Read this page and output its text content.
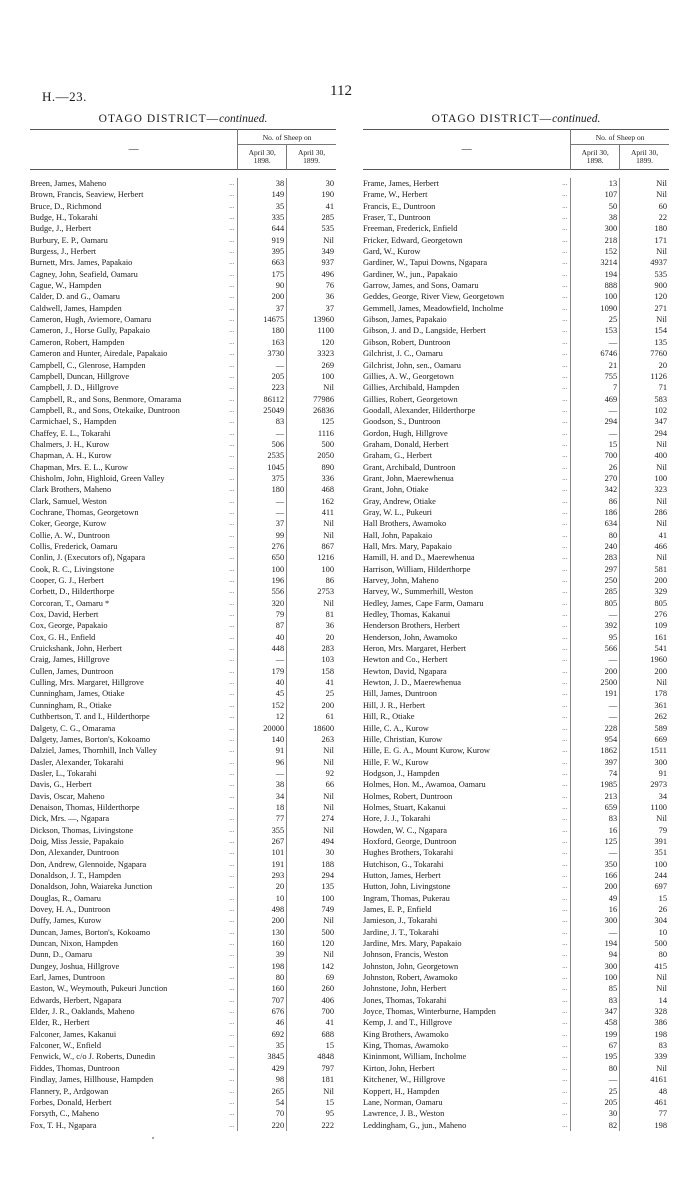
H.—23.	112
OTAGO DISTRICT—continued.
—	No. of Sheep on	
	April 30,
1898.	April 30,
1899.
Breen, James, Maheno	...	38	30
Brown, Francis, Seaview, Herbert	...	149	190
Bruce, D., Richmond	...	35	41
Budge, H., Tokarahi	...	335	285
Budge, J., Herbert	...	644	535
Burbury, E. P., Oamaru	...	919	Nil
Burgess, J., Herbert	...	395	349
Burnett, Mrs. James, Papakaio	...	663	937
Cagney, John, Seafield, Oamaru	...	175	496
Cague, W., Hampden	...	90	76
Calder, D. and G., Oamaru	...	200	36
Caldwell, James, Hampden	...	37	37
Cameron, Hugh, Aviemore, Oamaru	...	14675	13960
Cameron, J., Horse Gully, Papakaio	...	180	1100
Cameron, Robert, Hampden	...	163	120
Cameron and Hunter, Airedale, Papakaio	...	3730	3323
Campbell, C., Glenrose, Hampden	...	—	269
Campbell, Duncan, Hillgrove	...	205	100
Campbell, J. D., Hillgrove	...	223	Nil
Campbell, R., and Sons, Benmore, Omarama	...	86112	77986
Campbell, R., and Sons, Otekaike, Duntroon	...	25049	26836
Carmichael, S., Hampden	...	83	125
Chaffey, E. L., Tokarahi	...	—	1116
Chalmers, J. H., Kurow	...	506	500
Chapman, A. H., Kurow	...	2535	2050
Chapman, Mrs. E. L., Kurow	...	1045	890
Chisholm, John, Highloid, Green Valley	...	375	336
Clark Brothers, Maheno	...	180	468
Clark, Samuel, Weston	...	—	162
Cochrane, Thomas, Georgetown	...	—	411
Coker, George, Kurow	...	37	Nil
Collie, A. W., Duntroon	...	99	Nil
Collis, Frederick, Oamaru	...	276	867
Conlin, J. (Executors of), Ngapara	...	650	1216
Cook, R. C., Livingstone	...	100	100
Cooper, G. J., Herbert	...	196	86
Corbett, D., Hilderthorpe	...	556	2753
Corcoran, T., Oamaru *	...	320	Nil
Cox, David, Herbert	...	79	81
Cox, George, Papakaio	...	87	36
Cox, G. H., Enfield	...	40	20
Cruickshank, John, Herbert	...	448	283
Craig, James, Hillgrove	...	—	103
Cullen, James, Duntroon	...	179	158
Culling, Mrs. Margaret, Hillgrove	...	40	41
Cunningham, James, Otiake	...	45	25
Cunningham, R., Otiake	...	152	200
Cuthbertson, T. and I., Hilderthorpe	...	12	61
Dalgety, C. G., Omarama	...	20000	18600
Dalgety, James, Borton's, Kokoamo	...	140	263
Dalziel, James, Thornhill, Inch Valley	...	91	Nil
Dasler, Alexander, Tokarahi	...	96	Nil
Dasler, L., Tokarahi	...	—	92
Davis, G., Herbert	...	38	66
Davis, Oscar, Maheno	...	34	Nil
Denaison, Thomas, Hilderthorpe	...	18	Nil
Dick, Mrs. —, Ngapara	...	77	274
Dickson, Thomas, Livingstone	...	355	Nil
Doig, Miss Jessie, Papakaio	...	267	494
Don, Alexander, Duntroon	...	101	30
Don, Andrew, Glennoide, Ngapara	...	191	188
Donaldson, J. T., Hampden	...	293	294
Donaldson, John, Waiareka Junction	...	20	135
Douglas, R., Oamaru	...	10	100
Dovey, H. A., Duntroon	...	498	749
Duffy, James, Kurow	...	200	Nil
Duncan, James, Borton's, Kokoamo	...	130	500
Duncan, Nixon, Hampden	...	160	120
Dunn, D., Oamaru	...	39	Nil
Dungey, Joshua, Hillgrove	...	198	142
Earl, James, Duntroon	...	80	69
Easton, W., Weymouth, Pukeuri Junction	...	160	260
Edwards, Herbert, Ngapara	...	707	406
Elder, J. R., Oaklands, Maheno	...	676	700
Elder, R., Herbert	...	46	41
Falconer, James, Kakanui	...	692	688
Falconer, W., Enfield	...	35	15
Fenwick, W., c/o J. Roberts, Dunedin	...	3845	4848
Fiddes, Thomas, Duntroon	...	429	797
Findlay, James, Hillhouse, Hampden	...	98	181
Flannery, P., Ardgowan	...	265	Nil
Forbes, Donald, Herbert	...	54	15
Forsyth, C., Maheno	...	70	95
Fox, T. H., Ngapara	...	220	222
OTAGO DISTRICT—continued.
—	No. of Sheep on	
	April 30,
1898.	April 30,
1899.
Frame, James, Herbert	...	13	Nil
Frame, W., Herbert	...	107	Nil
Francis, E., Duntroon	...	50	60
Fraser, T., Duntroon	...	38	22
Freeman, Frederick, Enfield	...	300	180
Fricker, Edward, Georgetown	...	218	171
Gard, W., Kurow	...	152	Nil
Gardiner, W., Tapui Downs, Ngapara	...	3214	4937
Gardiner, W., jun., Papakaio	...	194	535
Garrow, James, and Sons, Oamaru	...	888	900
Geddes, George, River View, Georgetown	...	100	120
Gemmell, James, Meadowfield, Incholme	...	1090	271
Gibson, James, Papakaio	...	25	Nil
Gibson, J. and D., Langside, Herbert	...	153	154
Gibson, Robert, Duntroon	...	—	135
Gilchrist, J. C., Oamaru	...	6746	7760
Gilchrist, John, sen., Oamaru	...	21	20
Gillies, A. W., Georgetown	...	755	1126
Gillies, Archibald, Hampden	...	7	71
Gillies, Robert, Georgetown	...	469	583
Goodall, Alexander, Hilderthorpe	...	—	102
Goodson, S., Duntroon	...	294	347
Gordon, Hugh, Hillgrove	...	—	294
Graham, Donald, Herbert	...	15	Nil
Graham, G., Herbert	...	700	400
Grant, Archibald, Duntroon	...	26	Nil
Grant, John, Maerewhenua	...	270	100
Grant, John, Otiake	...	342	323
Gray, Andrew, Otiake	...	86	Nil
Gray, W. L., Pukeuri	...	186	286
Hall Brothers, Awamoko	...	634	Nil
Hall, John, Papakaio	...	80	41
Hall, Mrs. Mary, Papakaio	...	240	466
Hamill, H. and D., Maerewhenua	...	283	Nil
Harrison, William, Hilderthorpe	...	297	581
Harvey, John, Maheno	...	250	200
Harvey, W., Summerhill, Weston	...	285	329
Hedley, James, Cape Farm, Oamaru	...	805	805
Hedley, Thomas, Kakanui	...	—	276
Henderson Brothers, Herbert	...	392	109
Henderson, John, Awamoko	...	95	161
Heron, Mrs. Margaret, Herbert	...	566	541
Hewton and Co., Herbert	...	—	1960
Hewton, David, Ngapara	...	200	200
Hewton, J. D., Maerewhenua	...	2500	Nil
Hill, James, Duntroon	...	191	178
Hill, J. R., Herbert	...	—	361
Hill, R., Otiake	...	—	262
Hille, C. A., Kurow	...	228	589
Hille, Christian, Kurow	...	954	669
Hille, E. G. A., Mount Kurow, Kurow	...	1862	1511
Hille, F. W., Kurow	...	397	300
Hodgson, J., Hampden	...	74	91
Holmes, Hon. M., Awamoa, Oamaru	...	1985	2973
Holmes, Robert, Duntroon	...	213	34
Holmes, Stuart, Kakanui	...	659	1100
Hore, J. J., Tokarahi	...	83	Nil
Howden, W. C., Ngapara	...	16	79
Hoxford, George, Duntroon	...	125	391
Hughes Brothers, Tokarahi	...	—	351
Hutchison, G., Tokarahi	...	350	100
Hutton, James, Herbert	...	166	244
Hutton, John, Livingstone	...	200	697
Ingram, Thomas, Pukerau	...	49	15
James, E. P., Enfield	...	16	26
Jamieson, J., Tokarahi	...	300	304
Jardine, J. T., Tokarahi	...	—	10
Jardine, Mrs. Mary, Papakaio	...	194	500
Johnson, Francis, Weston	...	94	80
Johnston, John, Georgetown	...	300	415
Johnston, Robert, Awamoko	...	100	Nil
Johnstone, John, Herbert	...	85	Nil
Jones, Thomas, Tokarahi	...	83	14
Joyce, Thomas, Winterburne, Hampden	...	347	328
Kemp, J. and T., Hillgrove	...	458	386
King Brothers, Awamoko	...	199	198
King, Thomas, Awamoko	...	67	83
Kininmont, William, Incholme	...	195	339
Kirton, John, Herbert	...	80	Nil
Kitchener, W., Hillgrove	...	—	4161
Koppert, H., Hampden	...	25	48
Lane, Norman, Oamaru	...	205	461
Lawrence, J. B., Weston	...	30	77
Leddingham, G., jun., Maheno	...	82	198
